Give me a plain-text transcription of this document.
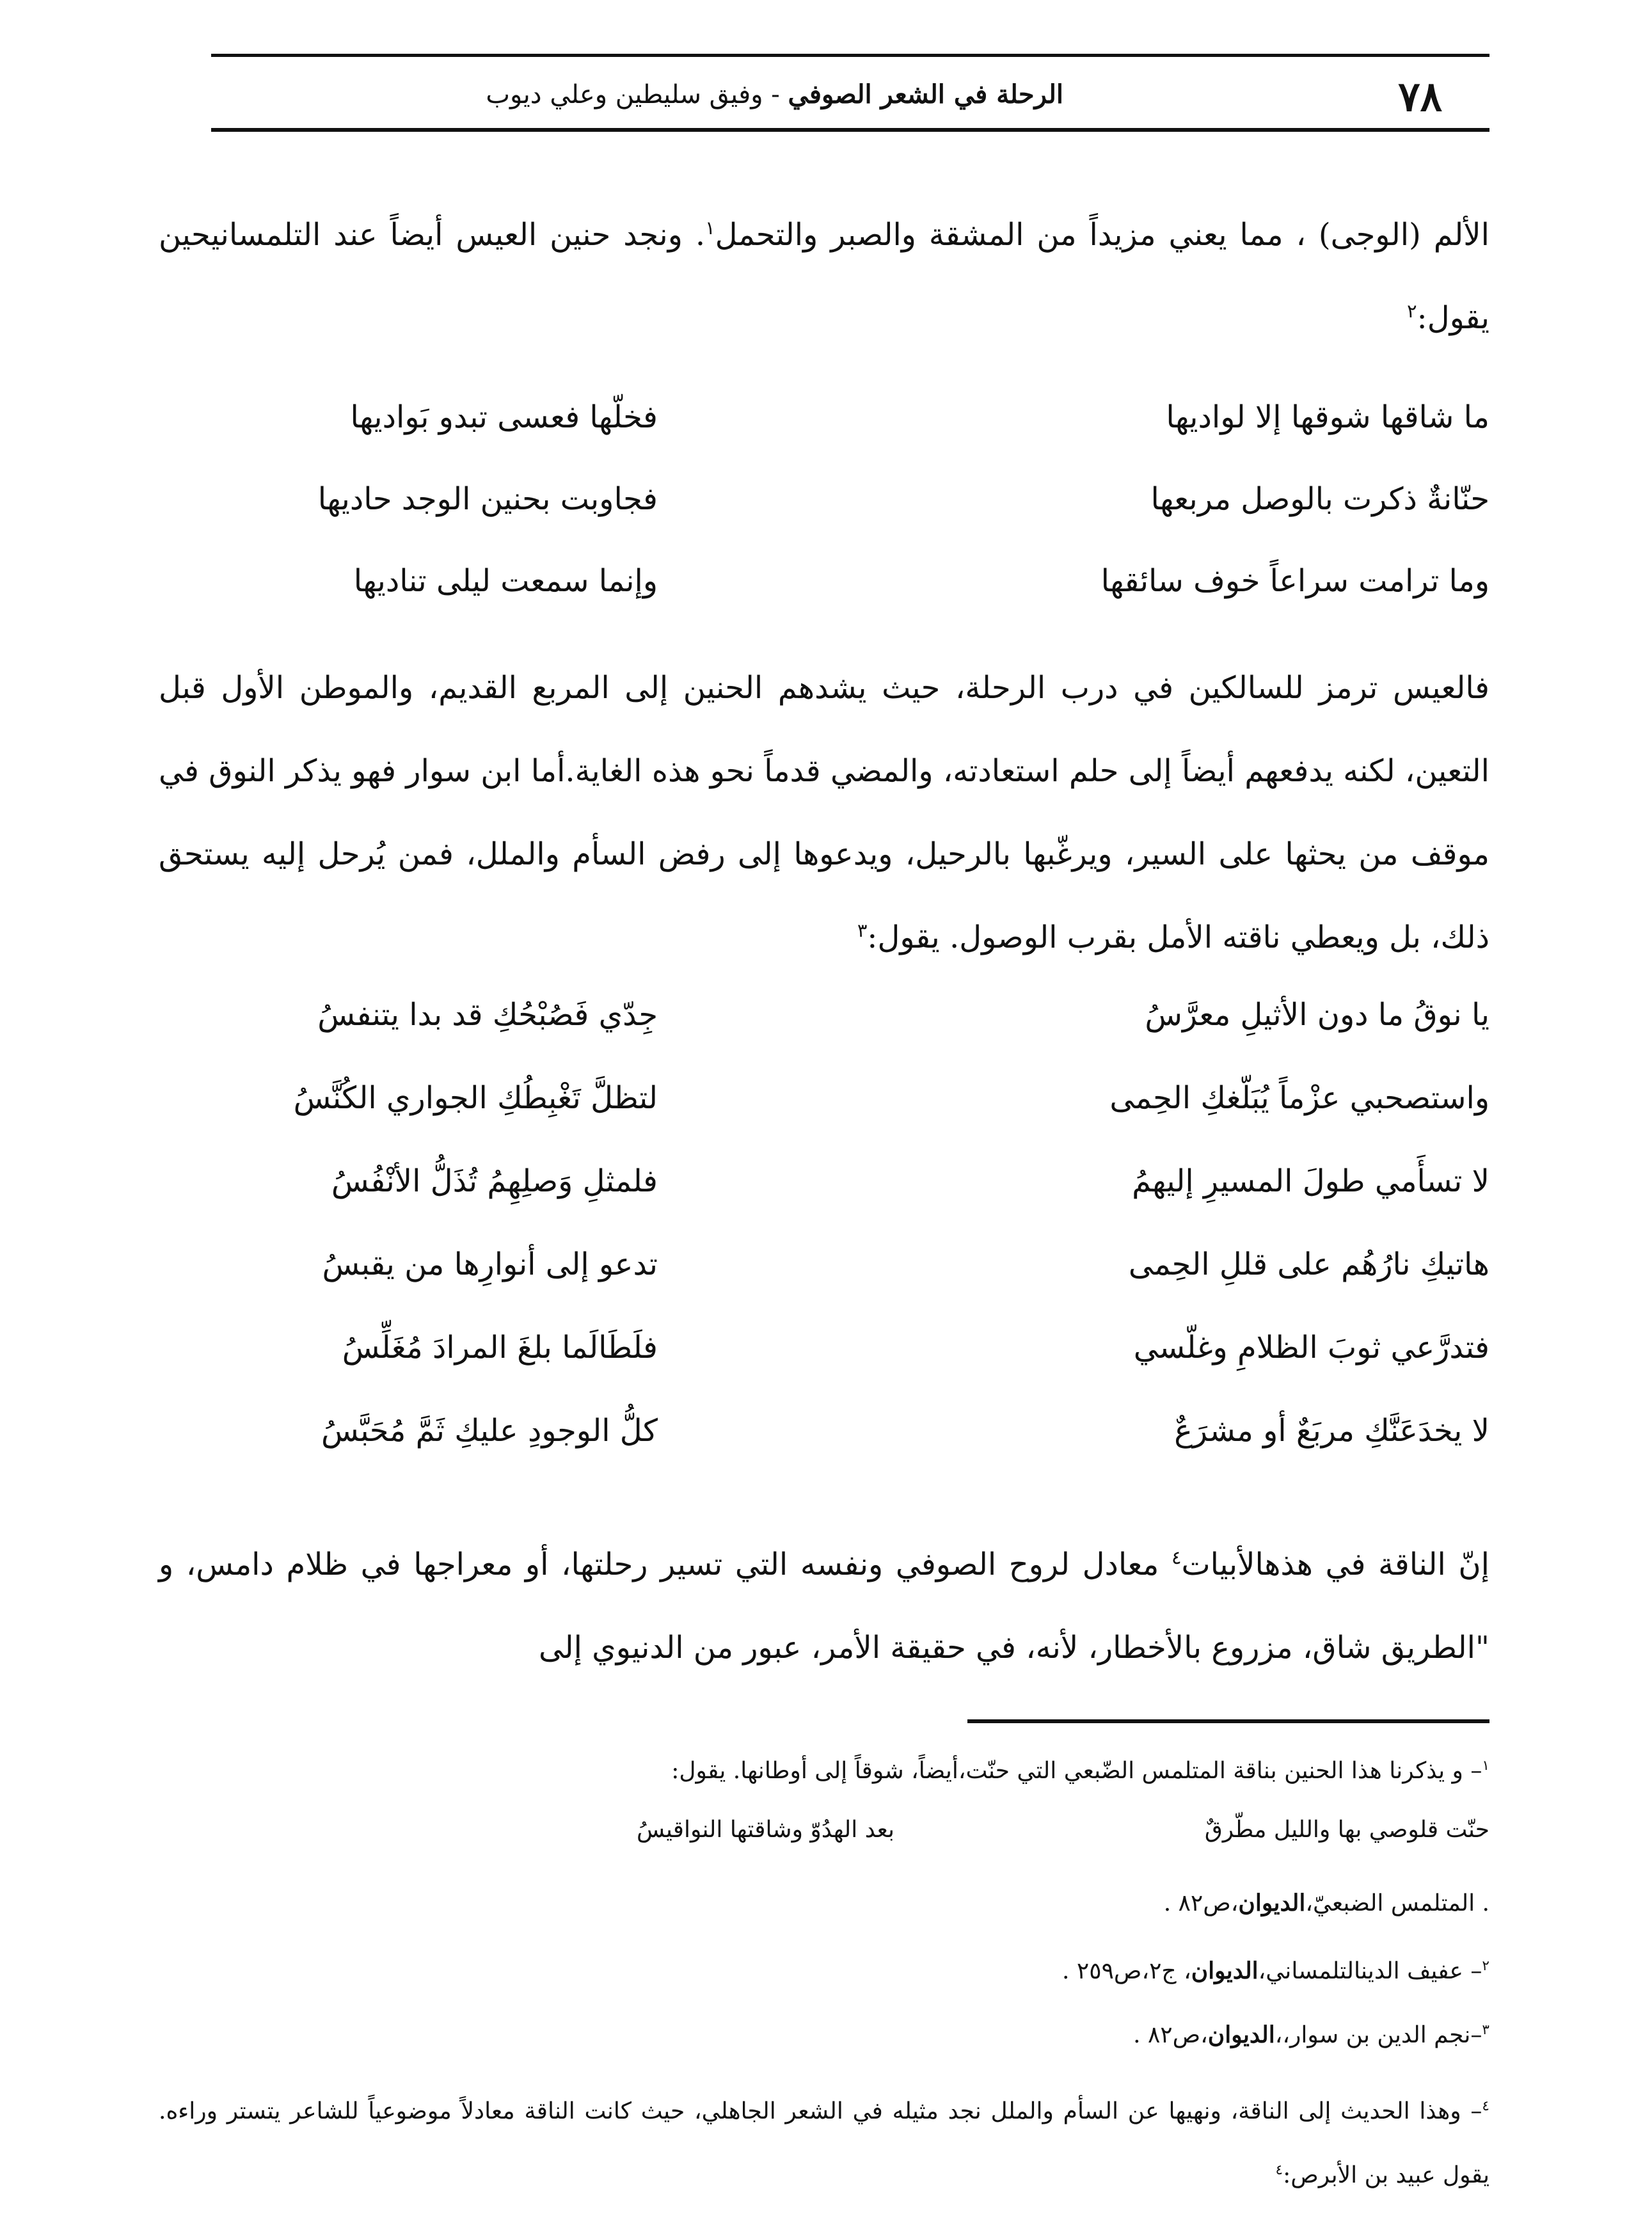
٧٨
الرحلة في الشعر الصوفي - وفيق سليطين وعلي ديوب

الألم (الوجى) ، مما يعني مزيداً من المشقة والصبر والتحمل$^١$. ونجد حنين العيس أيضاً عند التلمسانيحين يقول:$^٢$

ما شاقها شوقها إلا لواديها
فخلّها فعسى تبدو بَواديها
حنّانةٌ ذكرت بالوصل مربعها
فجاوبت بحنين الوجد حاديها
وما ترامت سراعاً خوف سائقها
وإنما سمعت ليلى تناديها

فالعيس ترمز للسالكين في درب الرحلة، حيث يشدهم الحنين إلى المربع القديم، والموطن الأول قبل التعين، لكنه يدفعهم أيضاً إلى حلم استعادته، والمضي قدماً نحو هذه الغاية.أما ابن سوار فهو يذكر النوق في موقف من يحثها على السير، ويرغّبها بالرحيل، ويدعوها إلى رفض السأم والملل، فمن يُرحل إليه يستحق ذلك، بل ويعطي ناقته الأمل بقرب الوصول. يقول:$^٣$

يا نوقُ ما دون الأثيلِ معرَّسُ
جِدّي فَصُبْحُكِ قد بدا يتنفسُ
واستصحبي عزْماً يُبَلّغكِ الحِمى
لتظلَّ تَغْبِطُكِ الجواري الكُنَّسُ
لا تسأَمي طولَ المسيرِ إليهمُ
فلمثلِ وَصلِهِمُ تُذَلُّ الأنْفُسُ
هاتيكِ نارُهُم على قللِ الحِمى
تدعو إلى أنوارِها من يقبسُ
فتدرَّعي ثوبَ الظلامِ وغلّسي
فلَطَالَما بلغَ المرادَ مُغَلِّسُ
لا يخدَعَنَّكِ مربَعٌ أو مشرَعٌ
كلُّ الوجودِ عليكِ ثَمَّ مُحَبَّسُ

إنّ الناقة في هذهالأبيات$^٤$ معادل لروح الصوفي ونفسه التي تسير رحلتها، أو معراجها في ظلام دامس، و "الطريق شاق، مزروع بالأخطار، لأنه، في حقيقة الأمر، عبور من الدنيوي إلى

$^١$– و يذكرنا هذا الحنين بناقة المتلمس الضّبعي التي حنّت،أيضاً، شوقاً إلى أوطانها. يقول:

حنّت قلوصي بها والليل مطّرقٌ
بعد الهدُوّ وشاقتها النواقيسُ

. المتلمس الضبعيّ،الديوان،ص٨٢ .

$^٢$– عفيف الدينالتلمساني،الديوان، ج٢،ص٢٥٩ .

$^٣$–نجم الدين بن سوار،،الديوان،ص٨٢ .

$^٤$– وهذا الحديث إلى الناقة، ونهيها عن السأم والملل نجد مثيله في الشعر الجاهلي، حيث كانت الناقة معادلاً موضوعياً للشاعر يتستر وراءه. يقول عبيد بن الأبرص:$^٤$
